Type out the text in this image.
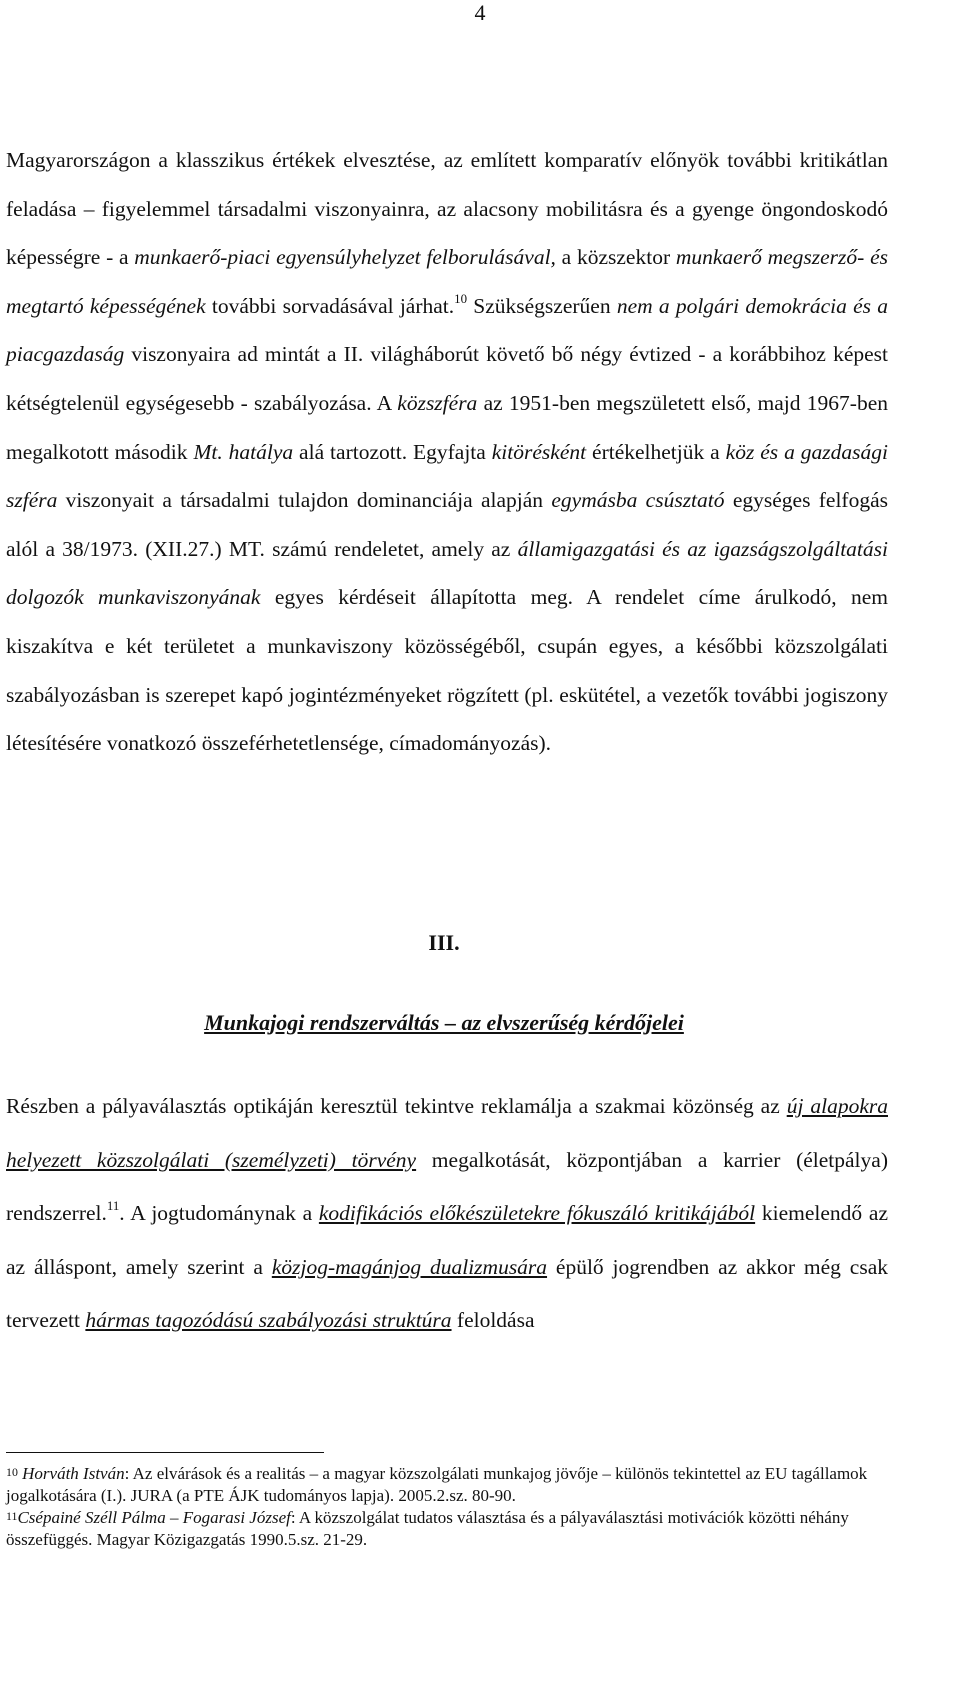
4

Magyarországon a klasszikus értékek elvesztése, az említett komparatív előnyök további kritikátlan feladása – figyelemmel társadalmi viszonyainra, az alacsony mobilitásra és a gyenge öngondoskodó képességre - a munkaerő-piaci egyensúlyhelyzet felborulásával, a közszektor munkaerő megszerző- és megtartó képességének további sorvadásával járhat.$^{10}$ Szükségszerűen nem a polgári demokrácia és a piacgazdaság viszonyaira ad mintát a II. világháborút követő bő négy évtized - a korábbihoz képest kétségtelenül egységesebb - szabályozása. A közszféra az 1951-ben megszületett első, majd 1967-ben megalkotott második Mt. hatálya alá tartozott. Egyfajta kitörésként értékelhetjük a köz és a gazdasági szféra viszonyait a társadalmi tulajdon dominanciája alapján egymásba csúsztató egységes felfogás alól a 38/1973. (XII.27.) MT. számú rendeletet, amely az államigazgatási és az igazságszolgáltatási dolgozók munkaviszonyának egyes kérdéseit állapította meg. A rendelet címe árulkodó, nem kiszakítva e két területet a munkaviszony közösségéből, csupán egyes, a későbbi közszolgálati szabályozásban is szerepet kapó jogintézményeket rögzített (pl. eskütétel, a vezetők további jogiszony létesítésére vonatkozó összeférhetetlensége, címadományozás).

III.
Munkajogi rendszerváltás – az elvszerűség kérdőjelei

Részben a pályaválasztás optikáján keresztül tekintve reklamálja a szakmai közönség az új alapokra helyezett közszolgálati (személyzeti) törvény megalkotását, központjában a karrier (életpálya) rendszerrel.$^{11}$. A jogtudománynak a kodifikációs előkészületekre fókuszáló kritikájából kiemelendő az az álláspont, amely szerint a közjog-magánjog dualizmusára épülő jogrendben az akkor még csak tervezett hármas tagozódású szabályozási struktúra feloldása

$^{10}$ Horváth István: Az elvárások és a realitás – a magyar közszolgálati munkajog jövője – különös tekintettel az EU tagállamok jogalkotására (I.). JURA (a PTE ÁJK tudományos lapja). 2005.2.sz. 80-90.

$^{11}$Csépainé Széll Pálma – Fogarasi József: A közszolgálat tudatos választása és a pályaválasztási motivációk közötti néhány összefüggés. Magyar Közigazgatás 1990.5.sz. 21-29.
